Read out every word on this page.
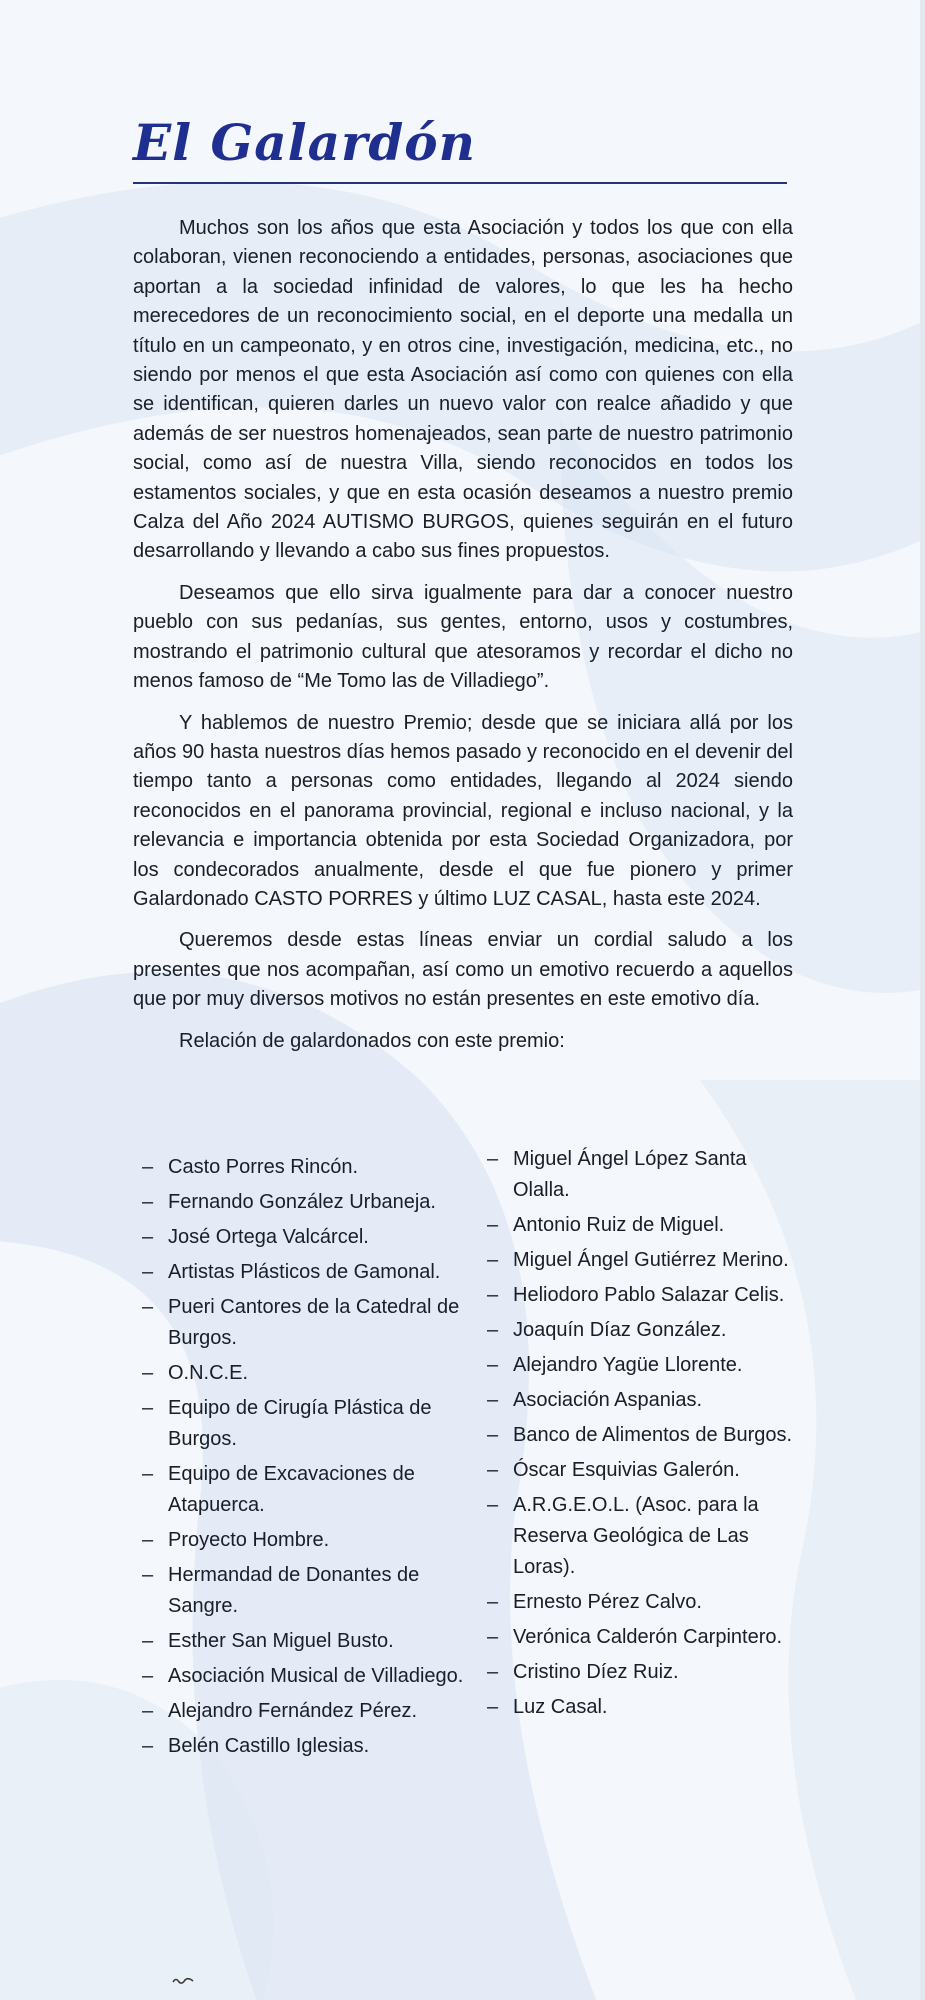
El Galardón

Muchos son los años que esta Asociación y todos los que con ella colaboran, vienen reconociendo a entidades, personas, asociaciones que aportan a la sociedad infinidad de valores, lo que les ha hecho merecedores de un reconocimiento social, en el deporte una medalla un título en un campeonato, y en otros cine, investigación, medicina, etc., no siendo por menos el que esta Asociación así como con quienes con ella se identifican, quieren darles un nuevo valor con realce añadido y que además de ser nuestros homenajeados, sean parte de nuestro patrimonio social, como así de nuestra Villa, siendo reconocidos en todos los estamentos sociales, y que en esta ocasión deseamos a nuestro premio Calza del Año 2024 AUTISMO BURGOS, quienes seguirán en el futuro desarrollando y llevando a cabo sus fines propuestos.

Deseamos que ello sirva igualmente para dar a conocer nuestro pueblo con sus pedanías, sus gentes, entorno, usos y costumbres, mostrando el patrimonio cultural que atesoramos y recordar el dicho no menos famoso de “Me Tomo las de Villadiego”.

Y hablemos de nuestro Premio; desde que se iniciara allá por los años 90 hasta nuestros días hemos pasado y reconocido en el devenir del tiempo tanto a personas como entidades, llegando al 2024 siendo reconocidos en el panorama provincial, regional e incluso nacional, y la relevancia e importancia obtenida por esta Sociedad Organizadora, por los condecorados anualmente, desde el que fue pionero y primer Galardonado CASTO PORRES y último LUZ CASAL, hasta este 2024.

Queremos desde estas líneas enviar un cordial saludo a los presentes que nos acompañan, así como un emotivo recuerdo a aquellos que por muy diversos motivos no están presentes en este emotivo día.

Relación de galardonados con este premio:

– Casto Porres Rincón.
– Fernando González Urbaneja.
– José Ortega Valcárcel.
– Artistas Plásticos de Gamonal.
– Pueri Cantores de la Catedral de Burgos.
– O.N.C.E.
– Equipo de Cirugía Plástica de Burgos.
– Equipo de Excavaciones de Atapuerca.
– Proyecto Hombre.
– Hermandad de Donantes de Sangre.
– Esther San Miguel Busto.
– Asociación Musical de Villadiego.
– Alejandro Fernández Pérez.
– Belén Castillo Iglesias.
– Miguel Ángel López Santa Olalla.
– Antonio Ruiz de Miguel.
– Miguel Ángel Gutiérrez Merino.
– Heliodoro Pablo Salazar Celis.
– Joaquín Díaz González.
– Alejandro Yagüe Llorente.
– Asociación Aspanias.
– Banco de Alimentos de Burgos.
– Óscar Esquivias Galerón.
– A.R.G.E.O.L. (Asoc. para la Reserva Geológica de Las Loras).
– Ernesto Pérez Calvo.
– Verónica Calderón Carpintero.
– Cristino Díez Ruiz.
– Luz Casal.
